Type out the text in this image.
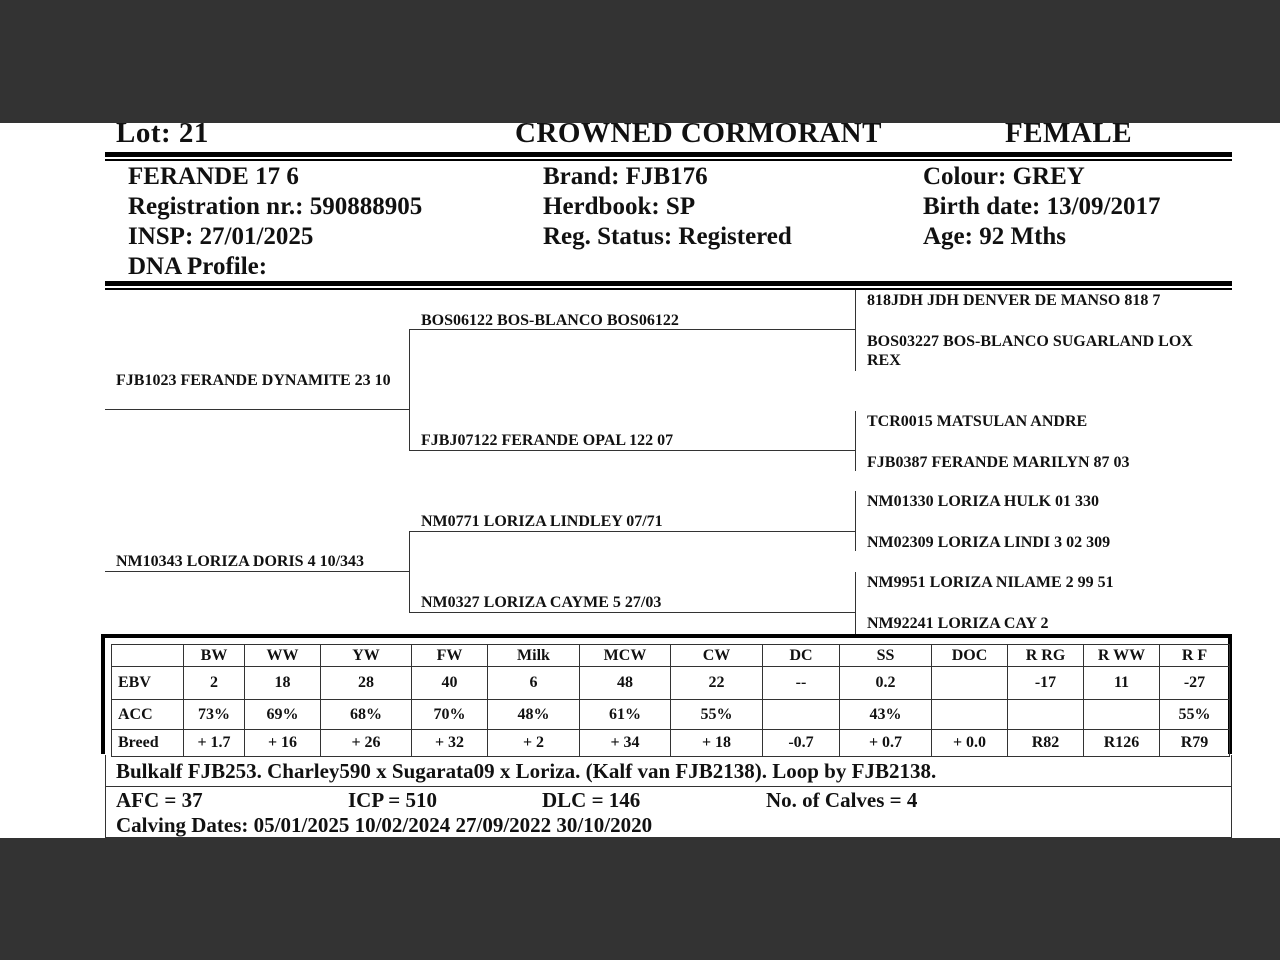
Lot: 21	CROWNED CORMORANT	FEMALE
FERANDE 17 6
Registration nr.: 590888905
INSP: 27/01/2025
DNA Profile:
Brand: FJB176
Herdbook: SP
Reg. Status: Registered
Colour: GREY
Birth date: 13/09/2017
Age: 92 Mths
FJB1023 FERANDE DYNAMITE 23 10
NM10343 LORIZA DORIS 4 10/343
BOS06122 BOS-BLANCO BOS06122
FJBJ07122 FERANDE OPAL 122 07
NM0771 LORIZA LINDLEY 07/71
NM0327 LORIZA CAYME 5 27/03
818JDH JDH DENVER DE MANSO 818 7
BOS03227 BOS-BLANCO SUGARLAND LOX REX
TCR0015 MATSULAN ANDRE
FJB0387 FERANDE MARILYN 87 03
NM01330 LORIZA HULK 01 330
NM02309 LORIZA LINDI 3 02 309
NM9951 LORIZA NILAME 2 99 51
NM92241 LORIZA CAY 2
	BW	WW	YW	FW	Milk	MCW	CW	DC	SS	DOC	R RG	R WW	R F
EBV	2	18	28	40	6	48	22	--	0.2		-17	11	-27
ACC	73%	69%	68%	70%	48%	61%	55%		43%				55%
Breed	+ 1.7	+ 16	+ 26	+ 32	+ 2	+ 34	+ 18	-0.7	+ 0.7	+ 0.0	R82	R126	R79
Bulkalf FJB253. Charley590 x Sugarata09 x Loriza. (Kalf van FJB2138). Loop by FJB2138.
AFC = 37	ICP = 510	DLC = 146	No. of Calves = 4
Calving Dates: 05/01/2025 10/02/2024 27/09/2022 30/10/2020
